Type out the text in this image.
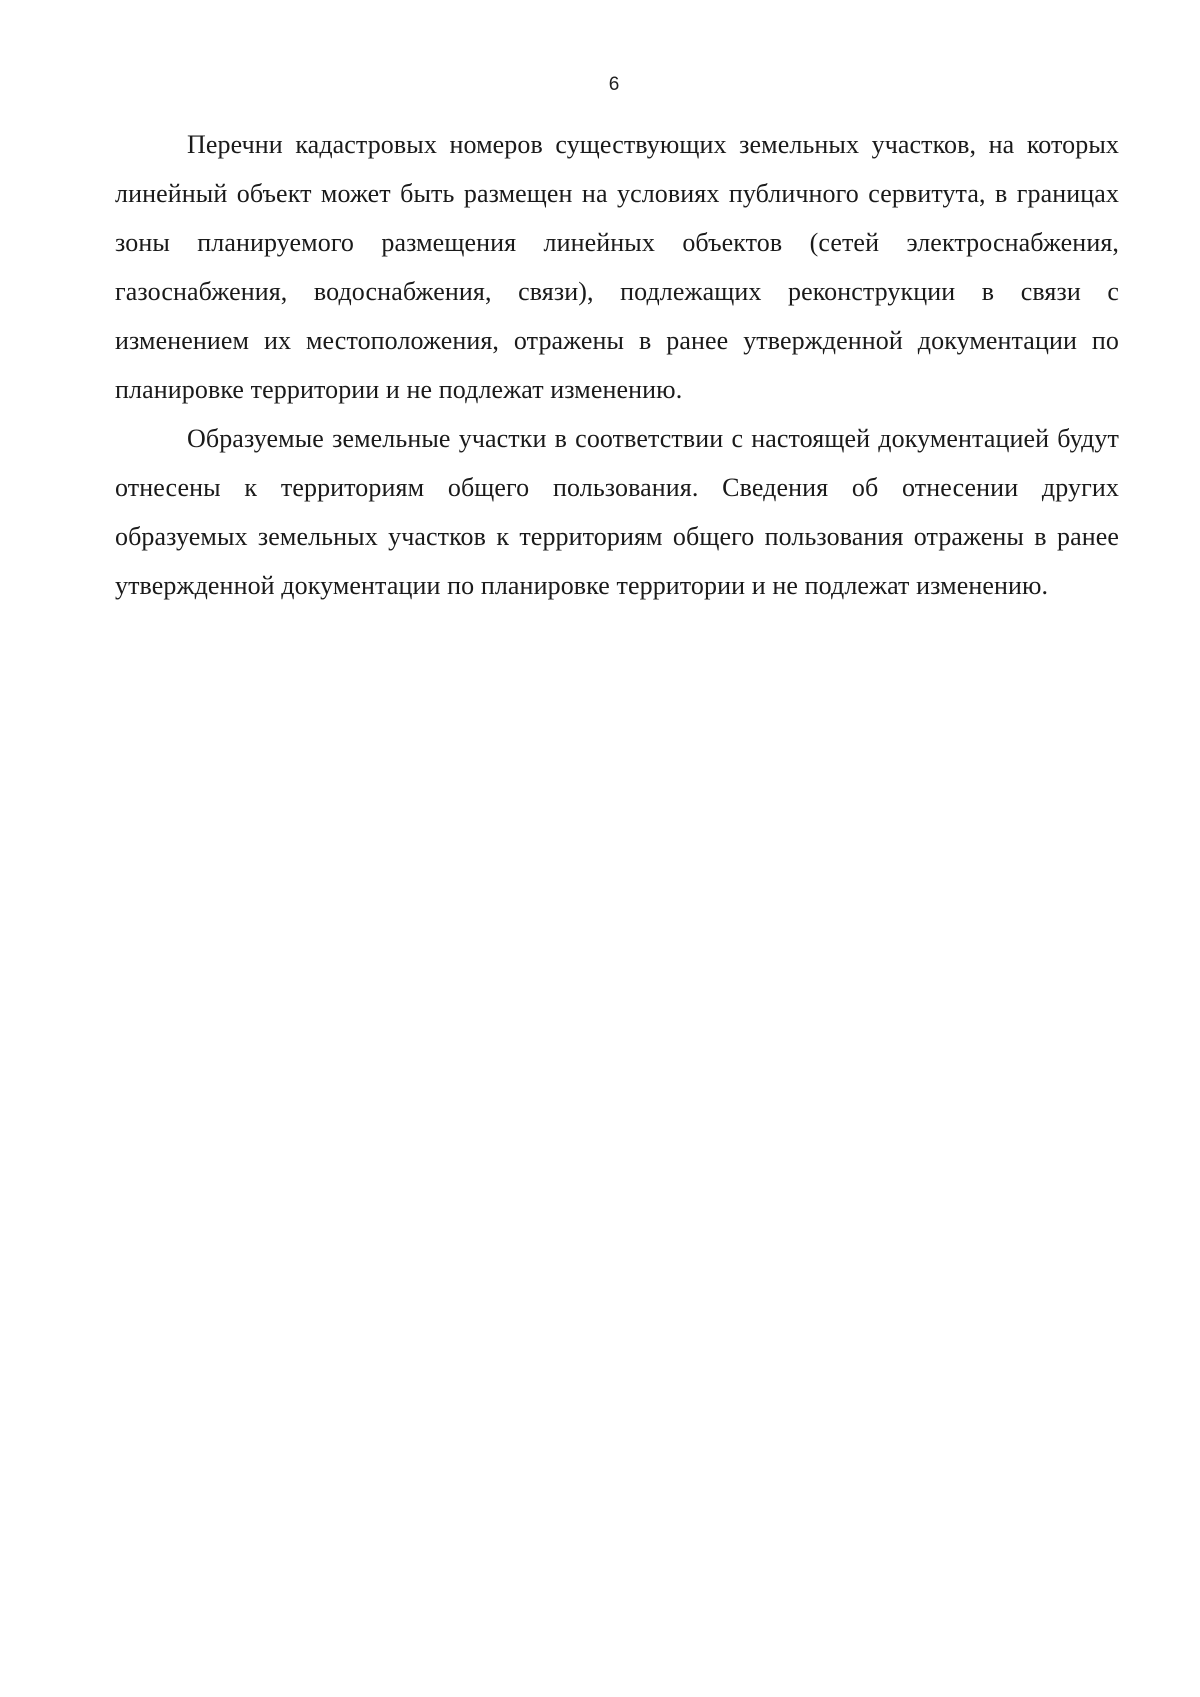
6

Перечни кадастровых номеров существующих земельных участков, на которых линейный объект может быть размещен на условиях публичного сервитута, в границах зоны планируемого размещения линейных объектов (сетей электроснабжения, газоснабжения, водоснабжения, связи), подлежащих реконструкции в связи с изменением их местоположения, отражены в ранее утвержденной документации по планировке территории и не подлежат изменению.

Образуемые земельные участки в соответствии с настоящей документацией будут отнесены к территориям общего пользования. Сведения об отнесении других образуемых земельных участков к территориям общего пользования отражены в ранее утвержденной документации по планировке территории и не подлежат изменению.
